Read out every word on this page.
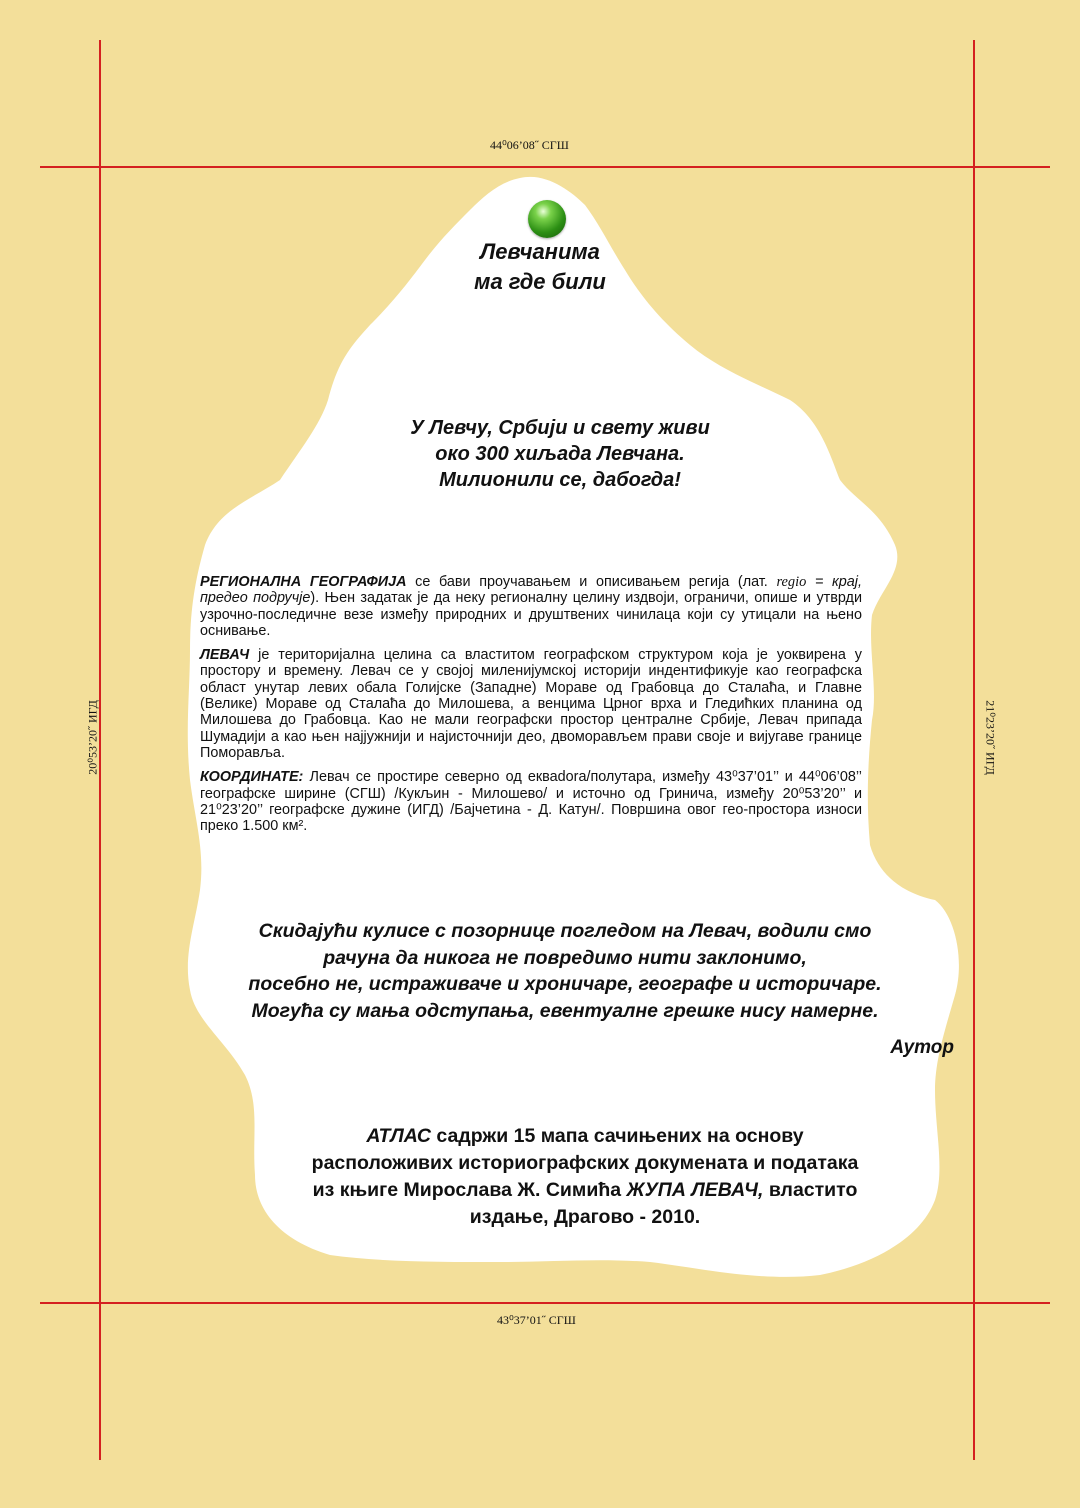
44⁰06’08˝ СГШ
43⁰37’01˝ СГШ
20⁰53’20˝ ИГД	21⁰23’20˝ ИГД
Левчанима
ма где били
У Левчу, Србији и свету живи
око 300 хиљада Левчана.
Милионили се, дабогда!

РЕГИОНАЛНА ГЕОГРАФИЈА се бави проучавањем и описивањем регија (лат. regio = крај, предео подручје). Њен задатак је да неку регионалну целину издвоји, ограничи, опише и утврди узрочно-последичне везе између природних и друштвених чинилаца који су утицали на њено оснивање.

ЛЕВАЧ је територијална целина са властитом географском структуром која је уоквирена у простору и времену. Левач се у својој миленијумској историји индентификује као географска област унутар левих обала Голијске (Западне) Мораве од Грабовца до Сталаћа, и Главне (Велике) Мораве од Сталаћа до Милошева, а венцима Црног врха и Гледићких планина од Милошева до Грабовца. Као не мали географски простор централне Србије, Левач припада Шумадији а као њен најјужнији и најисточнији део, двоморављем прави своје и вијугаве границе Поморавља.

КООРДИНАТЕ: Левач се простире северно од екваdora/полутара, између 43⁰37’01’’ и 44⁰06’08’’ географске ширине (СГШ) /Кукљин - Милошево/ и источно од Гринича, између 20⁰53’20’’ и 21⁰23’20’’ географске дужине (ИГД) /Бајчетина - Д. Катун/. Површина овог гео-простора износи преко 1.500 км².

Скидајући кулисе с позорнице погледом на Левач, водили смо
рачуна да никога не повредимо нити заклонимо,
посебно не, истраживаче и хроничаре, географе и историчаре.
Могућа су мања одступања, евентуалне грешке нису намерне.
Аутор
АТЛАС садржи 15 мапа сачињених на основу
расположивих историографских докумената и података
из књиге Мирослава Ж. Симића ЖУПА ЛЕВАЧ, властито
издање, Драгово - 2010.
